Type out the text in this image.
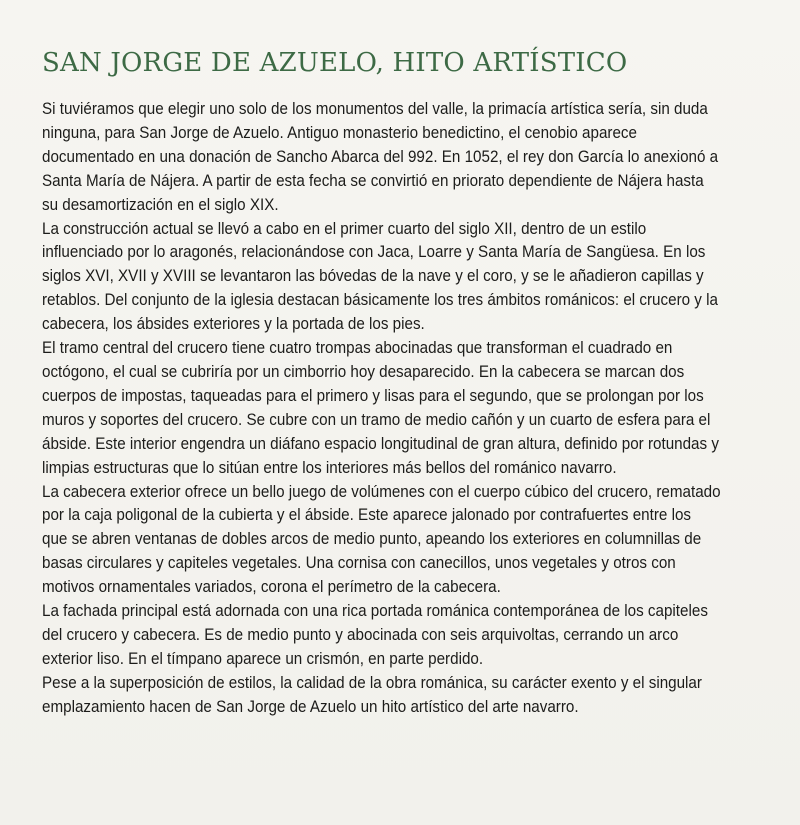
SAN JORGE DE AZUELO, HITO ARTÍSTICO
Si tuviéramos que elegir uno solo de los monumentos del valle, la primacía artística sería, sin duda
ninguna, para San Jorge de Azuelo. Antiguo monasterio benedictino, el cenobio aparece
documentado en una donación de Sancho Abarca del 992. En 1052, el rey don García lo anexionó a
Santa María de Nájera. A partir de esta fecha se convirtió en priorato dependiente de Nájera hasta
su desamortización en el siglo XIX.
La construcción actual se llevó a cabo en el primer cuarto del siglo XII, dentro de un estilo
influenciado por lo aragonés, relacionándose con Jaca, Loarre y Santa María de Sangüesa. En los
siglos XVI, XVII y XVIII se levantaron las bóvedas de la nave y el coro, y se le añadieron capillas y
retablos. Del conjunto de la iglesia destacan básicamente los tres ámbitos románicos: el crucero y la
cabecera, los ábsides exteriores y la portada de los pies.
El tramo central del crucero tiene cuatro trompas abocinadas que transforman el cuadrado en
octógono, el cual se cubriría por un cimborrio hoy desaparecido. En la cabecera se marcan dos
cuerpos de impostas, taqueadas para el primero y lisas para el segundo, que se prolongan por los
muros y soportes del crucero. Se cubre con un tramo de medio cañón y un cuarto de esfera para el
ábside. Este interior engendra un diáfano espacio longitudinal de gran altura, definido por rotundas y
limpias estructuras que lo sitúan entre los interiores más bellos del románico navarro.
La cabecera exterior ofrece un bello juego de volúmenes con el cuerpo cúbico del crucero, rematado
por la caja poligonal de la cubierta y el ábside. Este aparece jalonado por contrafuertes entre los
que se abren ventanas de dobles arcos de medio punto, apeando los exteriores en columnillas de
basas circulares y capiteles vegetales. Una cornisa con canecillos, unos vegetales y otros con
motivos ornamentales variados, corona el perímetro de la cabecera.
La fachada principal está adornada con una rica portada románica contemporánea de los capiteles
del crucero y cabecera. Es de medio punto y abocinada con seis arquivoltas, cerrando un arco
exterior liso. En el tímpano aparece un crismón, en parte perdido.
Pese a la superposición de estilos, la calidad de la obra románica, su carácter exento y el singular
emplazamiento hacen de San Jorge de Azuelo un hito artístico del arte navarro.
